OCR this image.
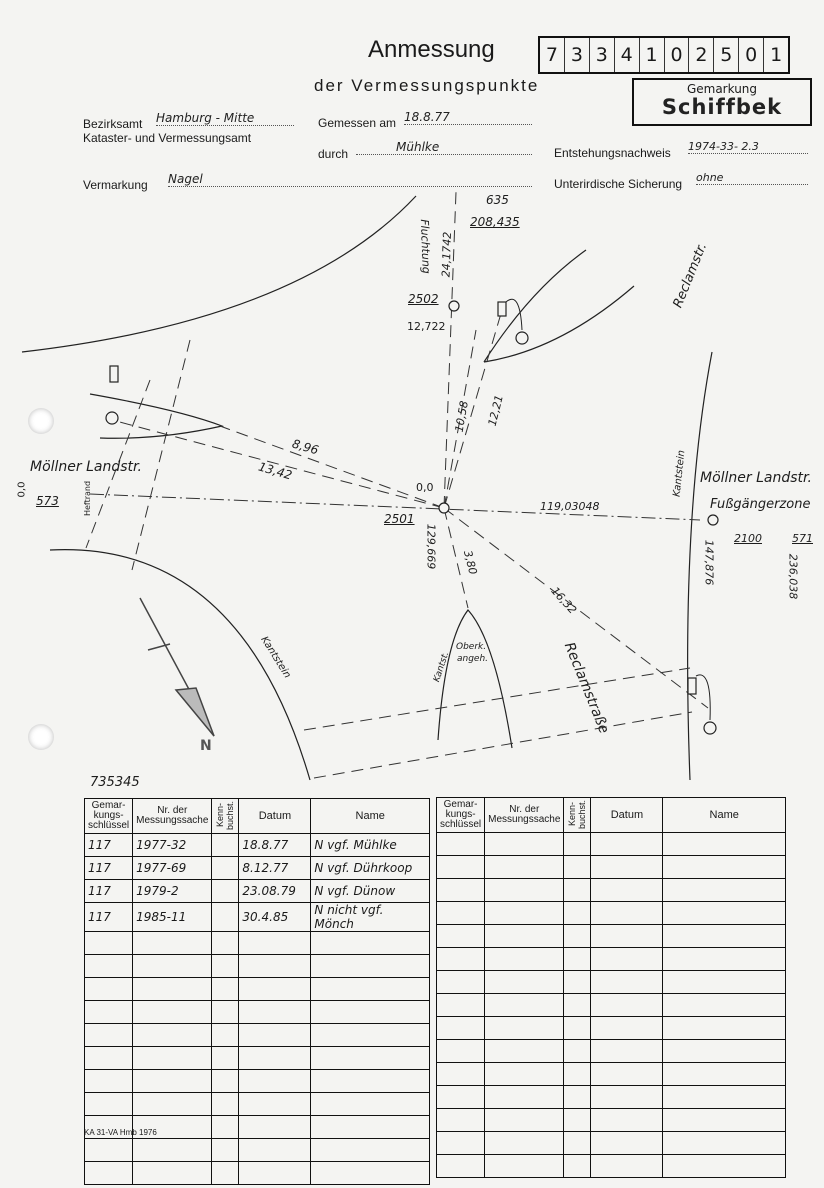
Anmessung
der Vermessungspunkte
7 3 3 4 1 0 2 5 0 1
Gemarkung
Schiffbek
Bezirksamt Hamburg - Mitte
Kataster- und Vermessungsamt
Gemessen am 18.8.77
durch	Mühlke	Entstehungsnachweis 1974-33- 2.3
Vermarkung Nagel	Unterirdische Sicherung ohne
Möllner Landstr.
Möllner Landstr.
Fußgängerzone
Reclamstr.
Reclamstraße
Kantstein
Kantstein
Kantst.
Oberk.
angeh.
Heftrand
Fluchtung
635
208,435
24,1742
2502
12,722
10,58 12,21
8,96
13,42
0,0
0,0
573
2501
129,669 3,80
16,32
119,03048
2100	571
147,876	236,038
N
735345
Gemar-kungs-schlüssel	Nr. der Messungssache	Kenn-buchst.	Datum	Name
117	1977-32		18.8.77	N vgf. Mühlke
117	1977-69		8.12.77	N vgf. Dührkoop
117	1979-2		23.08.79	N vgf. Dünow
117	1985-11		30.4.85	N nicht vgf. Mönch

Gemar-kungs-schlüssel	Nr. der Messungssache	Kenn-buchst.	Datum	Name

KA 31-VA Hmb 1976
